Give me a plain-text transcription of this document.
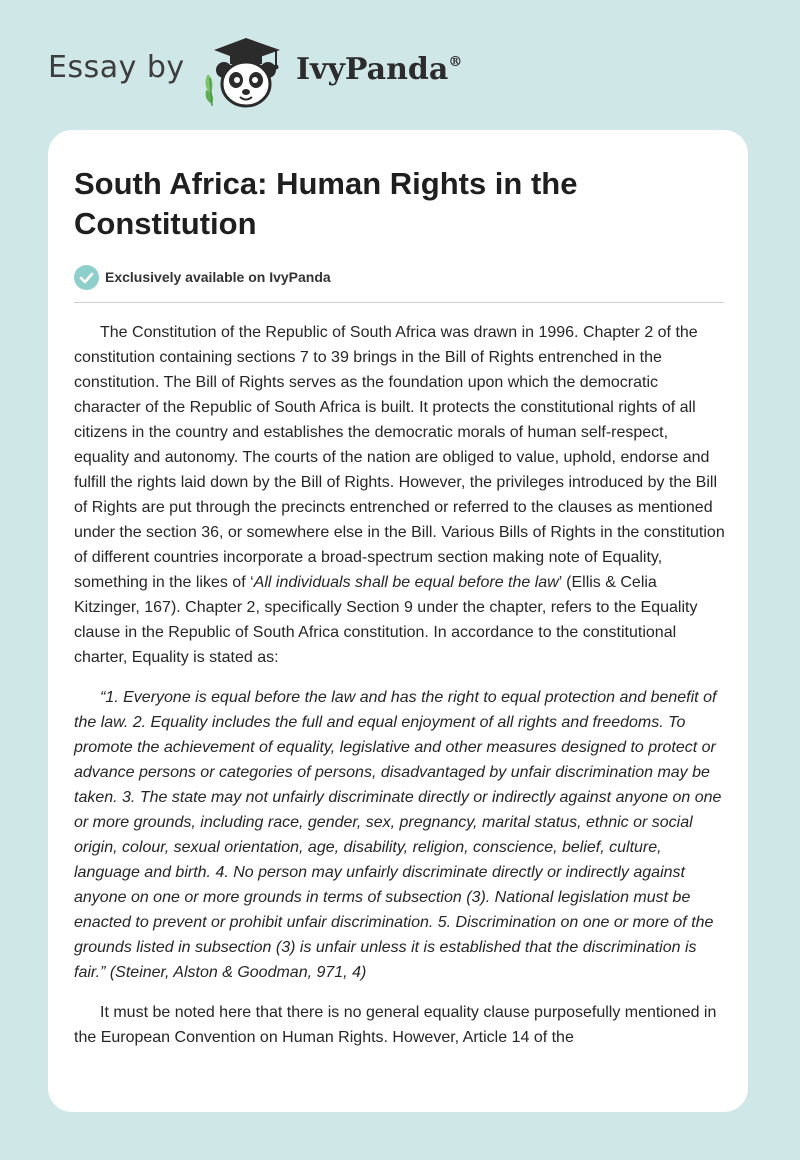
Essay by	IvyPanda®
South Africa: Human Rights in the Constitution
Exclusively available on IvyPanda

The Constitution of the Republic of South Africa was drawn in 1996. Chapter 2 of the constitution containing sections 7 to 39 brings in the Bill of Rights entrenched in the constitution. The Bill of Rights serves as the foundation upon which the democratic character of the Republic of South Africa is built. It protects the constitutional rights of all citizens in the country and establishes the democratic morals of human self-respect, equality and autonomy. The courts of the nation are obliged to value, uphold, endorse and fulfill the rights laid down by the Bill of Rights. However, the privileges introduced by the Bill of Rights are put through the precincts entrenched or referred to the clauses as mentioned under the section 36, or somewhere else in the Bill. Various Bills of Rights in the constitution of different countries incorporate a broad-spectrum section making note of Equality, something in the likes of ‘All individuals shall be equal before the law’ (Ellis & Celia Kitzinger, 167). Chapter 2, specifically Section 9 under the chapter, refers to the Equality clause in the Republic of South Africa constitution. In accordance to the constitutional charter, Equality is stated as:

“1. Everyone is equal before the law and has the right to equal protection and benefit of the law. 2. Equality includes the full and equal enjoyment of all rights and freedoms. To promote the achievement of equality, legislative and other measures designed to protect or advance persons or categories of persons, disadvantaged by unfair discrimination may be taken. 3. The state may not unfairly discriminate directly or indirectly against anyone on one or more grounds, including race, gender, sex, pregnancy, marital status, ethnic or social origin, colour, sexual orientation, age, disability, religion, conscience, belief, culture, language and birth. 4. No person may unfairly discriminate directly or indirectly against anyone on one or more grounds in terms of subsection (3). National legislation must be enacted to prevent or prohibit unfair discrimination. 5. Discrimination on one or more of the grounds listed in subsection (3) is unfair unless it is established that the discrimination is fair.” (Steiner, Alston & Goodman, 971, 4)

It must be noted here that there is no general equality clause purposefully mentioned in the European Convention on Human Rights. However, Article 14 of the
